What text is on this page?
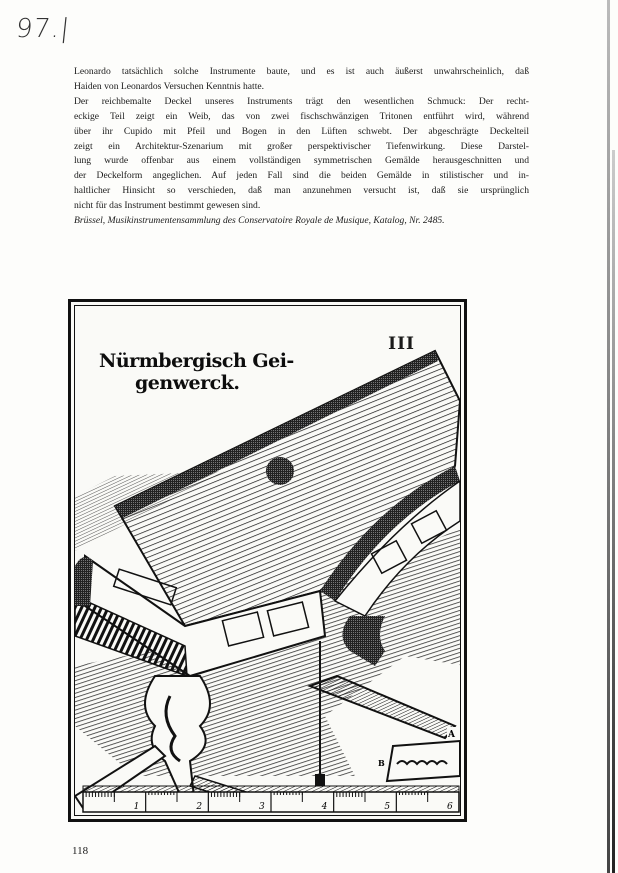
97.|

Leonardo tatsächlich solche Instrumente baute, und es ist auch äußerst unwahrscheinlich, daß
Haiden von Leonardos Versuchen Kenntnis hatte.

Der reichbemalte Deckel unseres Instruments trägt den wesentlichen Schmuck: Der recht-
eckige Teil zeigt ein Weib, das von zwei fischschwänzigen Tritonen entführt wird, während
über ihr Cupido mit Pfeil und Bogen in den Lüften schwebt. Der abgeschrägte Deckelteil
zeigt ein Architektur-Szenarium mit großer perspektivischer Tiefenwirkung. Diese Darstel-
lung wurde offenbar aus einem vollständigen symmetrischen Gemälde herausgeschnitten und
der Deckelform angeglichen. Auf jeden Fall sind die beiden Gemälde in stilistischer und in-
haltlicher Hinsicht so verschieden, daß man anzunehmen versucht ist, daß sie ursprünglich
nicht für das Instrument bestimmt gewesen sind.

Brüssel, Musikinstrumentensammlung des Conservatoire Royale de Musique, Katalog, Nr. 2485.

Nürmbergisch Gei-
genwerck.
III
B
A
1	2	3	4	5	6
118
